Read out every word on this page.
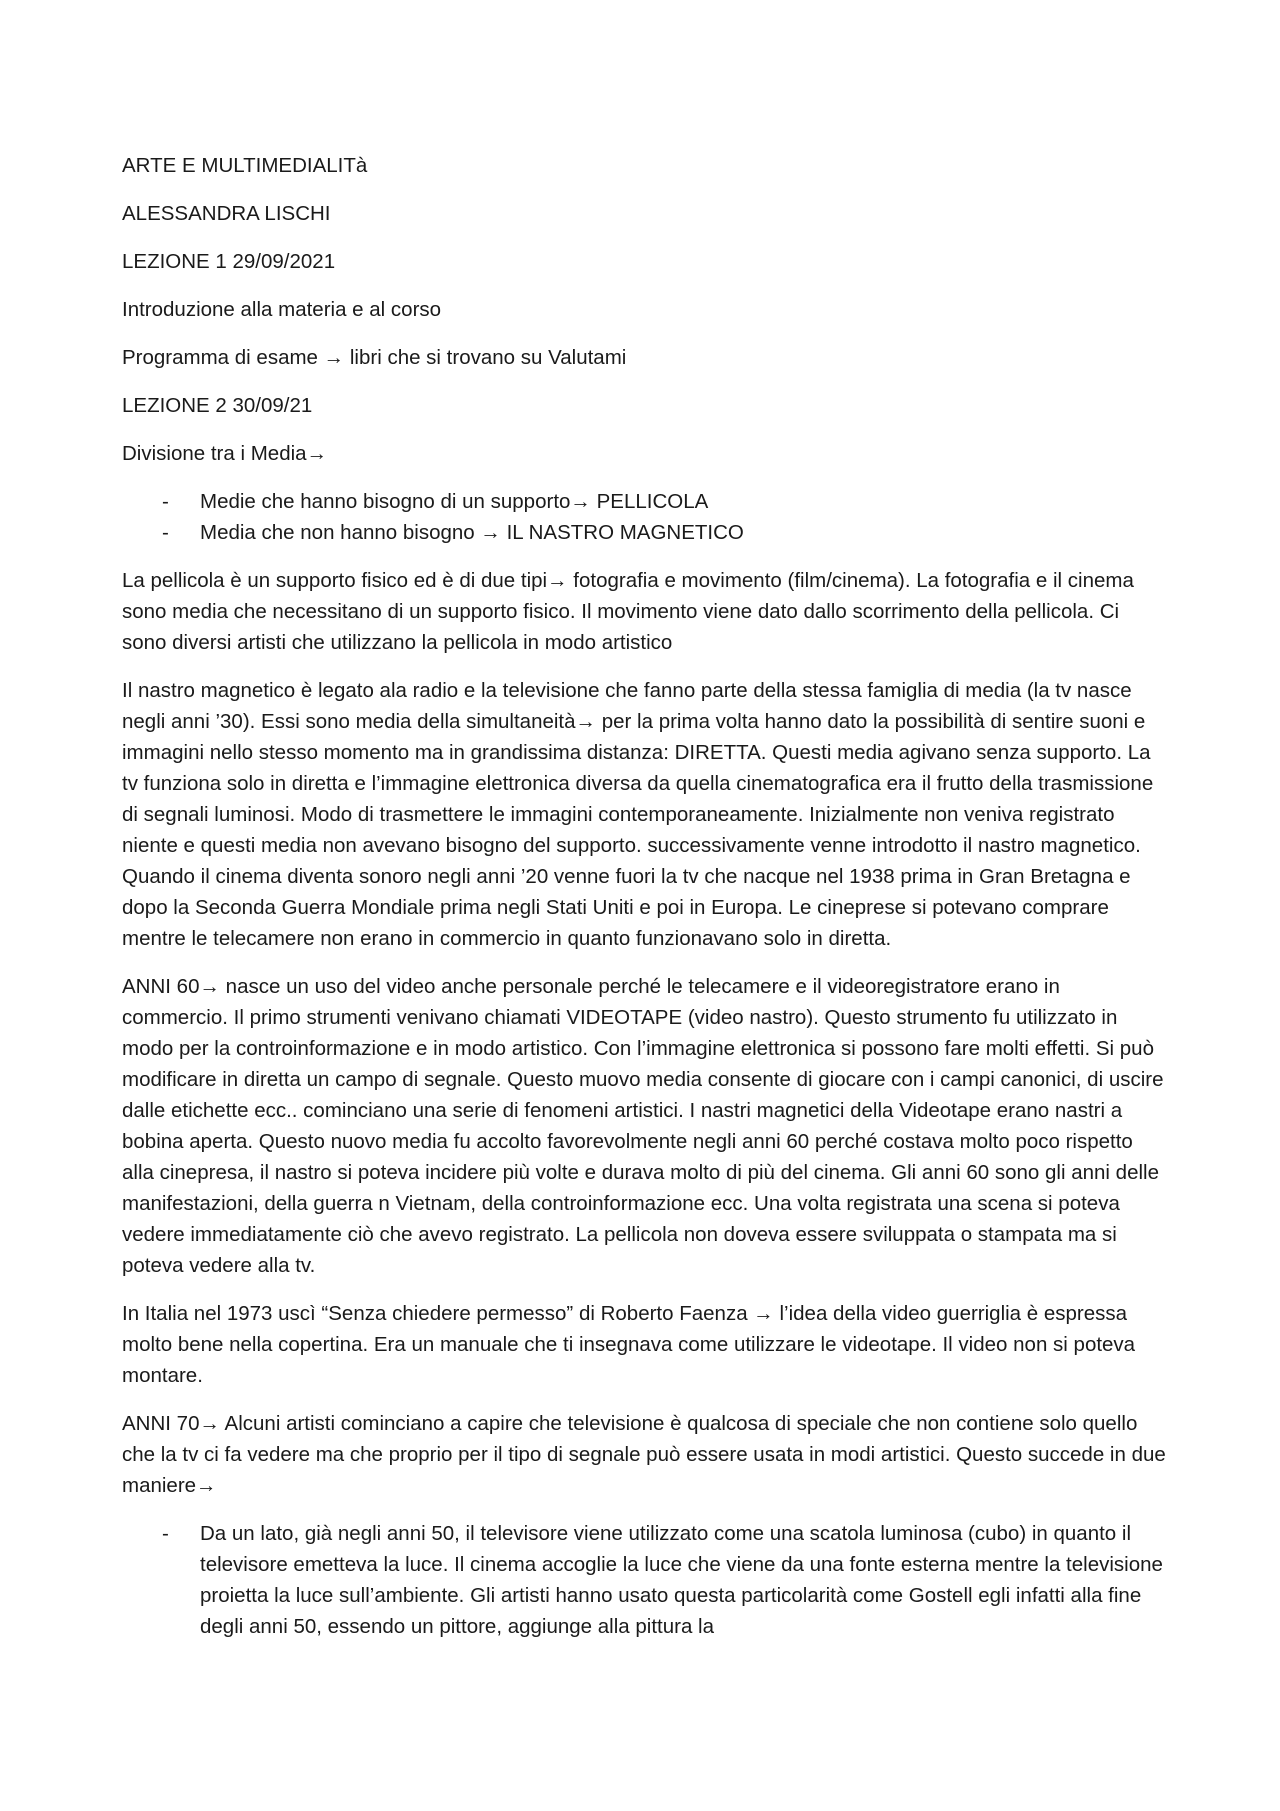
ARTE E MULTIMEDIALITà

ALESSANDRA LISCHI

LEZIONE 1 29/09/2021

Introduzione alla materia e al corso

Programma di esame → libri che si trovano su Valutami

LEZIONE 2 30/09/21

Divisione tra i Media→

- Medie che hanno bisogno di un supporto→ PELLICOLA
- Media che non hanno bisogno → IL NASTRO MAGNETICO

La pellicola è un supporto fisico ed è di due tipi→ fotografia e movimento (film/cinema). La fotografia e il cinema sono media che necessitano di un supporto fisico. Il movimento viene dato dallo scorrimento della pellicola. Ci sono diversi artisti che utilizzano la pellicola in modo artistico

Il nastro magnetico è legato ala radio e la televisione che fanno parte della stessa famiglia di media (la tv nasce negli anni ’30). Essi sono media della simultaneità→ per la prima volta hanno dato la possibilità di sentire suoni e immagini nello stesso momento ma in grandissima distanza: DIRETTA. Questi media agivano senza supporto. La tv funziona solo in diretta e l’immagine elettronica diversa da quella cinematografica era il frutto della trasmissione di segnali luminosi. Modo di trasmettere le immagini contemporaneamente. Inizialmente non veniva registrato niente e questi media non avevano bisogno del supporto. successivamente venne introdotto il nastro magnetico. Quando il cinema diventa sonoro negli anni ’20 venne fuori la tv che nacque nel 1938 prima in Gran Bretagna e dopo la Seconda Guerra Mondiale prima negli Stati Uniti e poi in Europa. Le cineprese si potevano comprare mentre le telecamere non erano in commercio in quanto funzionavano solo in diretta.

ANNI 60→ nasce un uso del video anche personale perché le telecamere e il videoregistratore erano in commercio. Il primo strumenti venivano chiamati VIDEOTAPE (video nastro). Questo strumento fu utilizzato in modo per la controinformazione e in modo artistico. Con l’immagine elettronica si possono fare molti effetti. Si può modificare in diretta un campo di segnale. Questo muovo media consente di giocare con i campi canonici, di uscire dalle etichette ecc.. cominciano una serie di fenomeni artistici. I nastri magnetici della Videotape erano nastri a bobina aperta. Questo nuovo media fu accolto favorevolmente negli anni 60 perché costava molto poco rispetto alla cinepresa, il nastro si poteva incidere più volte e durava molto di più del cinema. Gli anni 60 sono gli anni delle manifestazioni, della guerra n Vietnam, della controinformazione ecc. Una volta registrata una scena si poteva vedere immediatamente ciò che avevo registrato. La pellicola non doveva essere sviluppata o stampata ma si poteva vedere alla tv.

In Italia nel 1973 uscì “Senza chiedere permesso” di Roberto Faenza → l’idea della video guerriglia è espressa molto bene nella copertina. Era un manuale che ti insegnava come utilizzare le videotape. Il video non si poteva montare.

ANNI 70→ Alcuni artisti cominciano a capire che televisione è qualcosa di speciale che non contiene solo quello che la tv ci fa vedere ma che proprio per il tipo di segnale può essere usata in modi artistici. Questo succede in due maniere→

- Da un lato, già negli anni 50, il televisore viene utilizzato come una scatola luminosa (cubo) in quanto il televisore emetteva la luce. Il cinema accoglie la luce che viene da una fonte esterna mentre la televisione proietta la luce sull’ambiente. Gli artisti hanno usato questa particolarità come Gostell egli infatti alla fine degli anni 50, essendo un pittore, aggiunge alla pittura la
